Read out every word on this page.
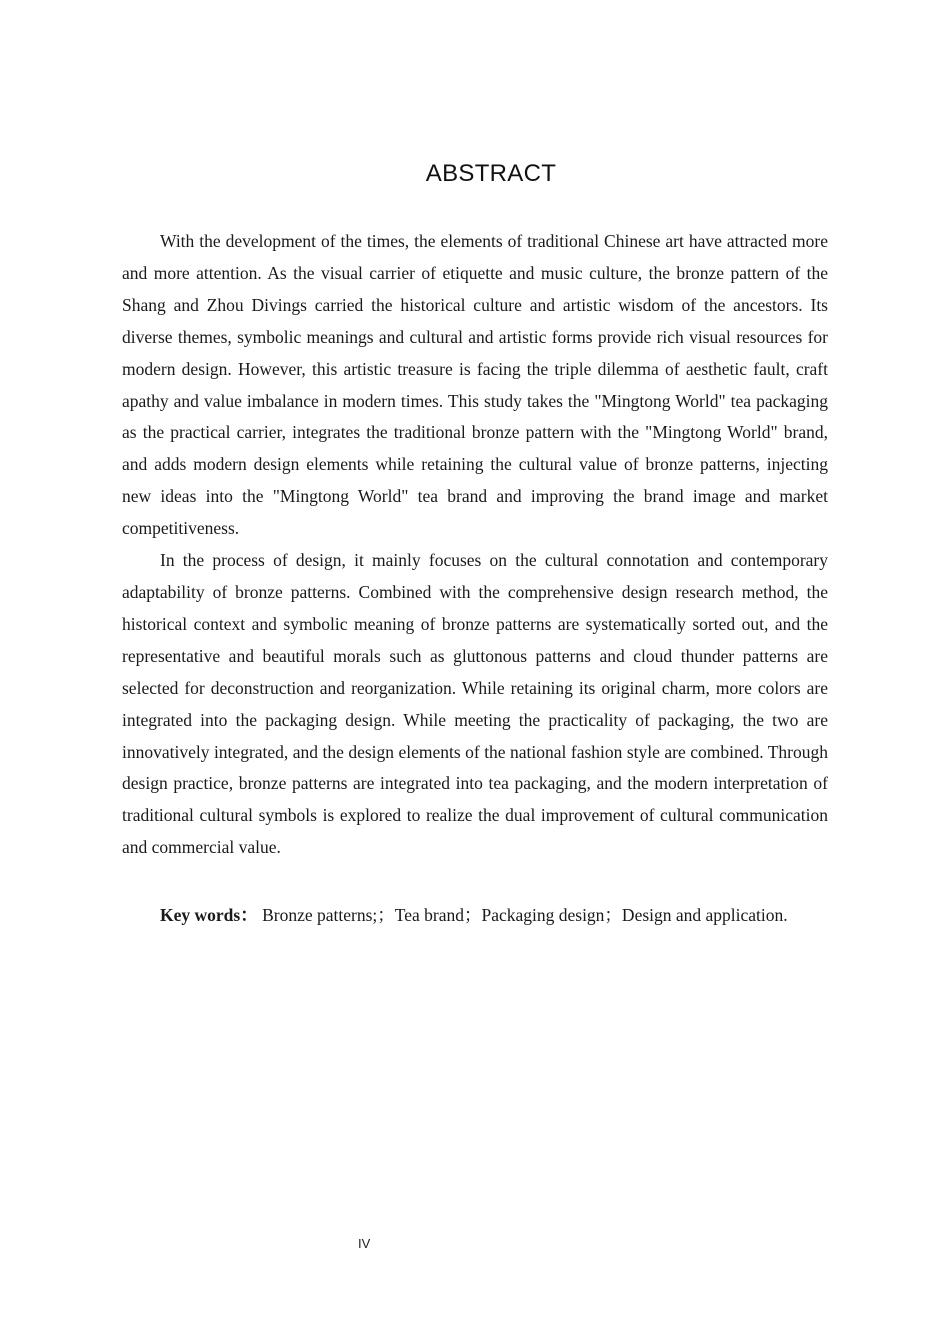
ABSTRACT

With the development of the times, the elements of traditional Chinese art have attracted more and more attention. As the visual carrier of etiquette and music culture, the bronze pattern of the Shang and Zhou Divings carried the historical culture and artistic wisdom of the ancestors. Its diverse themes, symbolic meanings and cultural and artistic forms provide rich visual resources for modern design. However, this artistic treasure is facing the triple dilemma of aesthetic fault, craft apathy and value imbalance in modern times. This study takes the "Mingtong World" tea packaging as the practical carrier, integrates the traditional bronze pattern with the "Mingtong World" brand, and adds modern design elements while retaining the cultural value of bronze patterns, injecting new ideas into the "Mingtong World" tea brand and improving the brand image and market competitiveness.

In the process of design, it mainly focuses on the cultural connotation and contemporary adaptability of bronze patterns. Combined with the comprehensive design research method, the historical context and symbolic meaning of bronze patterns are systematically sorted out, and the representative and beautiful morals such as gluttonous patterns and cloud thunder patterns are selected for deconstruction and reorganization. While retaining its original charm, more colors are integrated into the packaging design. While meeting the practicality of packaging, the two are innovatively integrated, and the design elements of the national fashion style are combined. Through design practice, bronze patterns are integrated into tea packaging, and the modern interpretation of traditional cultural symbols is explored to realize the dual improvement of cultural communication and commercial value.

Key words： Bronze patterns;；Tea brand；Packaging design；Design and application.

IV
